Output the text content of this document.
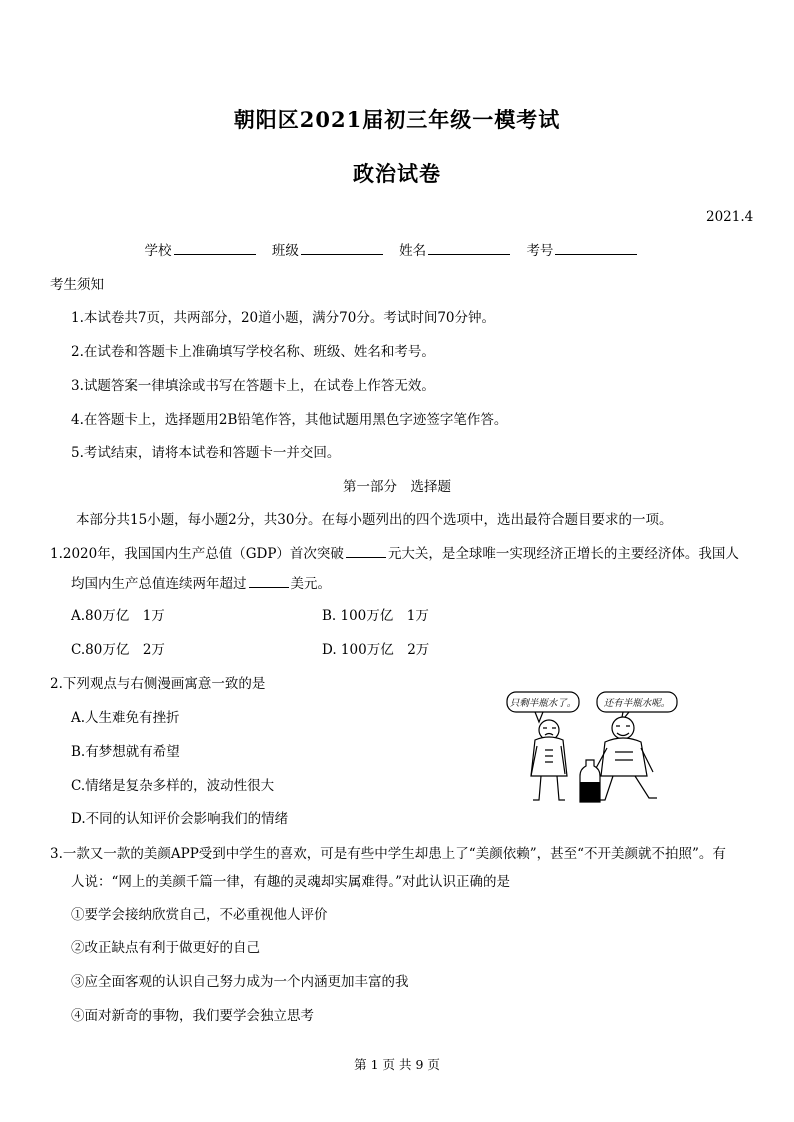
朝阳区2021届初三年级一模考试
政治试卷
2021.4
学校	班级	姓名	考号
考生须知
1.本试卷共7页，共两部分，20道小题，满分70分。考试时间70分钟。
2.在试卷和答题卡上准确填写学校名称、班级、姓名和考号。
3.试题答案一律填涂或书写在答题卡上，在试卷上作答无效。
4.在答题卡上，选择题用2B铅笔作答，其他试题用黑色字迹签字笔作答。
5.考试结束，请将本试卷和答题卡一并交回。
第一部分　选择题
本部分共15小题，每小题2分，共30分。在每小题列出的四个选项中，选出最符合题目要求的一项。
1.2020年，我国国内生产总值（GDP）首次突破	元大关，是全球唯一实现经济正增长的主要经济体。我国人
均国内生产总值连续两年超过	美元。
A.80万亿　1万	B. 100万亿　1万
C.80万亿　2万	D. 100万亿　2万
2.下列观点与右侧漫画寓意一致的是
A.人生难免有挫折
B.有梦想就有希望
C.情绪是复杂多样的，波动性很大
D.不同的认知评价会影响我们的情绪
只剩半瓶水了。	还有半瓶水呢。
3.一款又一款的美颜APP受到中学生的喜欢，可是有些中学生却患上了“美颜依赖”，甚至“不开美颜就不拍照”。有
人说：“网上的美颜千篇一律，有趣的灵魂却实属难得。”对此认识正确的是
①要学会接纳欣赏自己，不必重视他人评价
②改正缺点有利于做更好的自己
③应全面客观的认识自己努力成为一个内涵更加丰富的我
④面对新奇的事物，我们要学会独立思考
第 1 页 共 9 页
